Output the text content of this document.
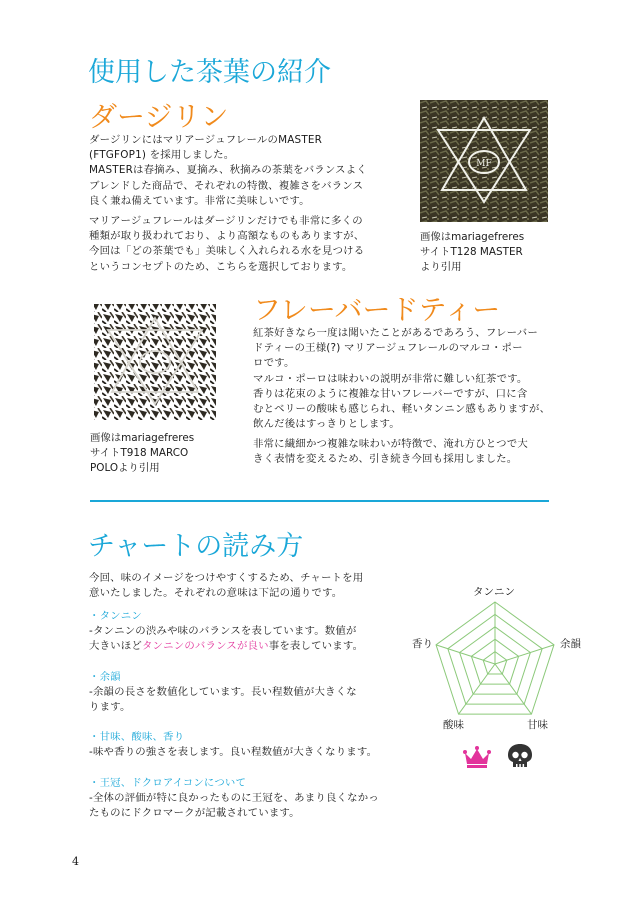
使用した茶葉の紹介
ダージリン
ダージリンにはマリアージュフレールのMASTER
(FTGFOP1) を採用しました。
MASTERは春摘み、夏摘み、秋摘みの茶葉をバランスよく
ブレンドした商品で、それぞれの特徴、複雑さをバランス
良く兼ね備えています。非常に美味しいです。
マリアージュフレールはダージリンだけでも非常に多くの
種類が取り扱われており、より高額なものもありますが、
今回は「どの茶葉でも」美味しく入れられる水を見つける
というコンセプトのため、こちらを選択しております。
MF
画像はmariagefreres
サイトT128 MASTER
より引用
フレーバードティー
画像はmariagefreres
サイトT918 MARCO
POLOより引用
紅茶好きなら一度は聞いたことがあるであろう、フレーバー
ドティーの王様(?) マリアージュフレールのマルコ・ポー
ロです。
マルコ・ポーロは味わいの説明が非常に難しい紅茶です。
香りは花束のように複雑な甘いフレーバーですが、口に含
むとベリーの酸味も感じられ、軽いタンニン感もありますが、
飲んだ後はすっきりとします。
非常に繊細かつ複雑な味わいが特徴で、淹れ方ひとつで大
きく表情を変えるため、引き続き今回も採用しました。
チャートの読み方
今回、味のイメージをつけやすくするため、チャートを用
意いたしました。それぞれの意味は下記の通りです。
・タンニン
-タンニンの渋みや味のバランスを表しています。数値が
大きいほどタンニンのバランスが良い事を表しています。
・余韻
-余韻の長さを数値化しています。長い程数値が大きくな
ります。
・甘味、酸味、香り
-味や香りの強さを表します。良い程数値が大きくなります。
・王冠、ドクロアイコンについて
-全体の評価が特に良かったものに王冠を、あまり良くなかっ
たものにドクロマークが記載されています。
タンニン
余韻
甘味
酸味
香り
4
